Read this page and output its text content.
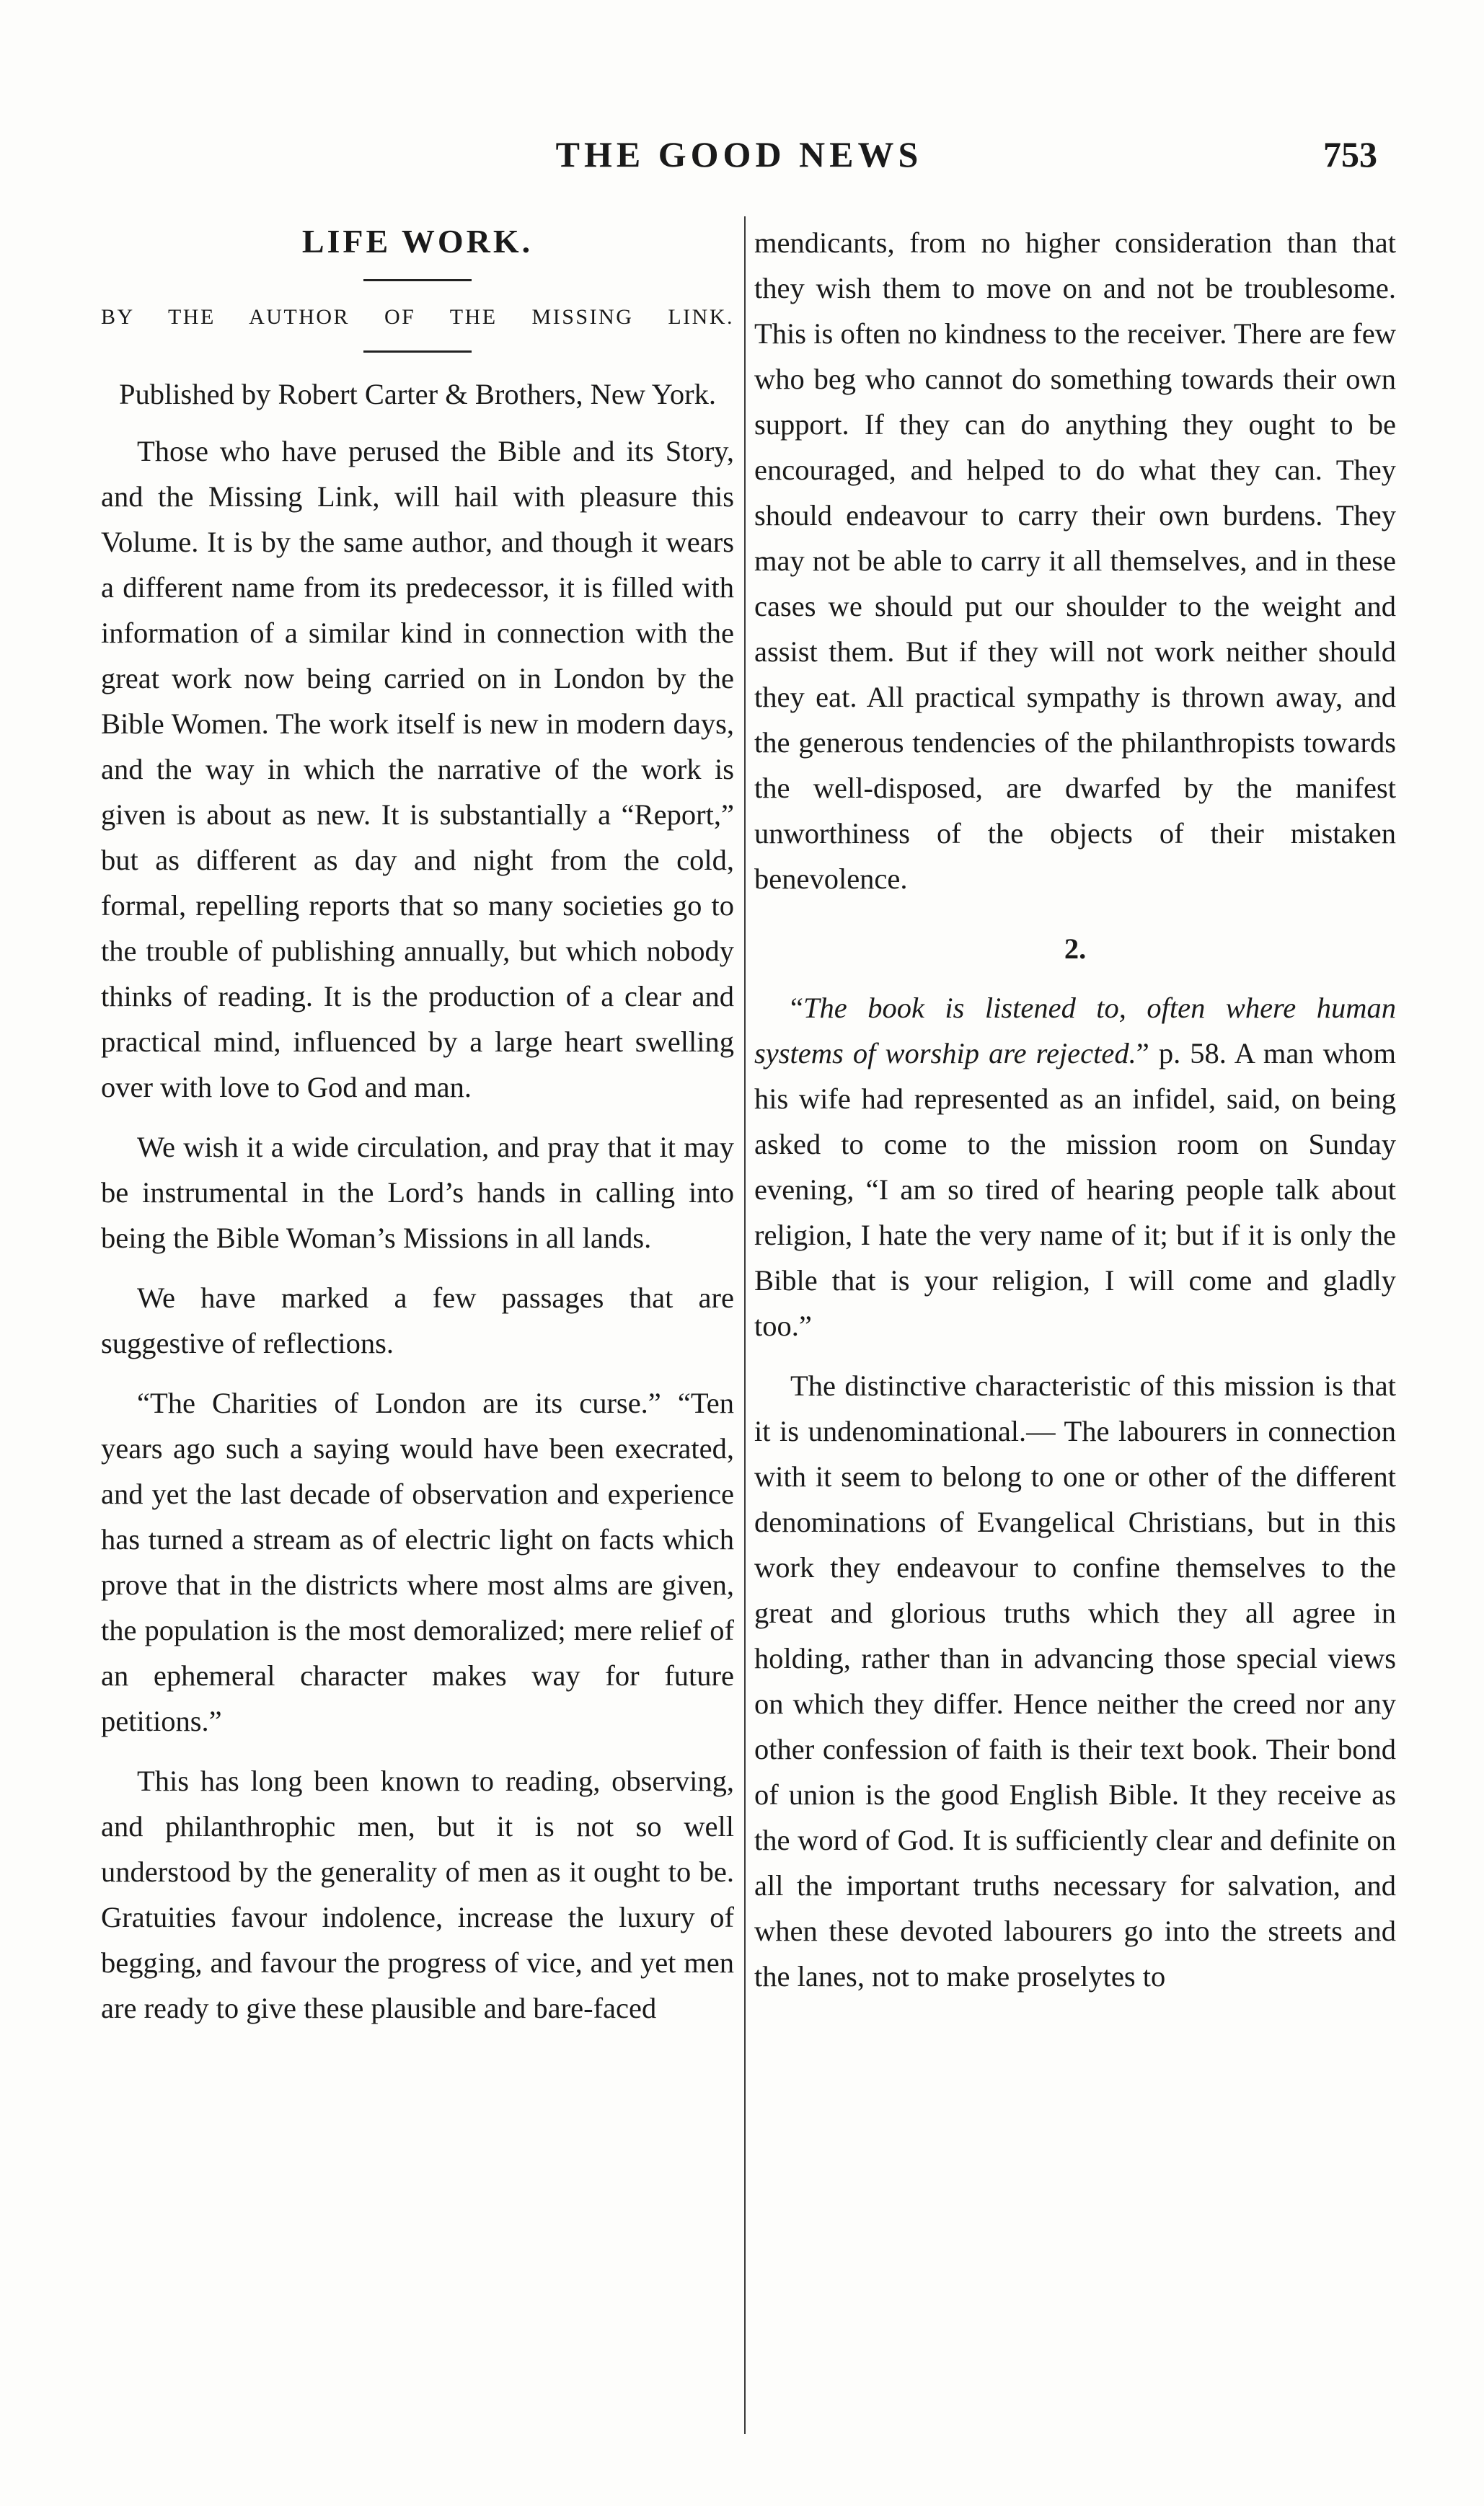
THE GOOD NEWS	753
LIFE WORK.
BY THE AUTHOR OF THE MISSING LINK.

Published by Robert Carter & Brothers, New York.

Those who have perused the Bible and its Story, and the Missing Link, will hail with pleasure this Volume. It is by the same author, and though it wears a different name from its predecessor, it is filled with information of a similar kind in connection with the great work now being carried on in London by the Bible Women. The work itself is new in modern days, and the way in which the narrative of the work is given is about as new. It is substantially a “Report,” but as different as day and night from the cold, formal, repelling reports that so many societies go to the trouble of publishing annually, but which nobody thinks of reading. It is the production of a clear and practical mind, influenced by a large heart swelling over with love to God and man.

We wish it a wide circulation, and pray that it may be instrumental in the Lord’s hands in calling into being the Bible Woman’s Missions in all lands.

We have marked a few passages that are suggestive of reflections.

“The Charities of London are its curse.” “Ten years ago such a saying would have been execrated, and yet the last decade of observation and experience has turned a stream as of electric light on facts which prove that in the districts where most alms are given, the population is the most demoralized; mere relief of an ephemeral character makes way for future petitions.”

This has long been known to reading, observing, and philanthrophic men, but it is not so well understood by the generality of men as it ought to be. Gratuities favour indolence, increase the luxury of begging, and favour the progress of vice, and yet men are ready to give these plausible and bare-faced

mendicants, from no higher consideration than that they wish them to move on and not be troublesome. This is often no kindness to the receiver. There are few who beg who cannot do something towards their own support. If they can do anything they ought to be encouraged, and helped to do what they can. They should endeavour to carry their own burdens. They may not be able to carry it all themselves, and in these cases we should put our shoulder to the weight and assist them. But if they will not work neither should they eat. All practical sympathy is thrown away, and the generous tendencies of the philanthropists towards the well-disposed, are dwarfed by the manifest unworthiness of the objects of their mistaken benevolence.

2.

“The book is listened to, often where human systems of worship are rejected.” p. 58. A man whom his wife had represented as an infidel, said, on being asked to come to the mission room on Sunday evening, “I am so tired of hearing people talk about religion, I hate the very name of it; but if it is only the Bible that is your religion, I will come and gladly too.”

The distinctive characteristic of this mission is that it is undenominational.— The labourers in connection with it seem to belong to one or other of the different denominations of Evangelical Christians, but in this work they endeavour to confine themselves to the great and glorious truths which they all agree in holding, rather than in advancing those special views on which they differ. Hence neither the creed nor any other confession of faith is their text book. Their bond of union is the good English Bible. It they receive as the word of God. It is sufficiently clear and definite on all the important truths necessary for salvation, and when these devoted labourers go into the streets and the lanes, not to make proselytes to
